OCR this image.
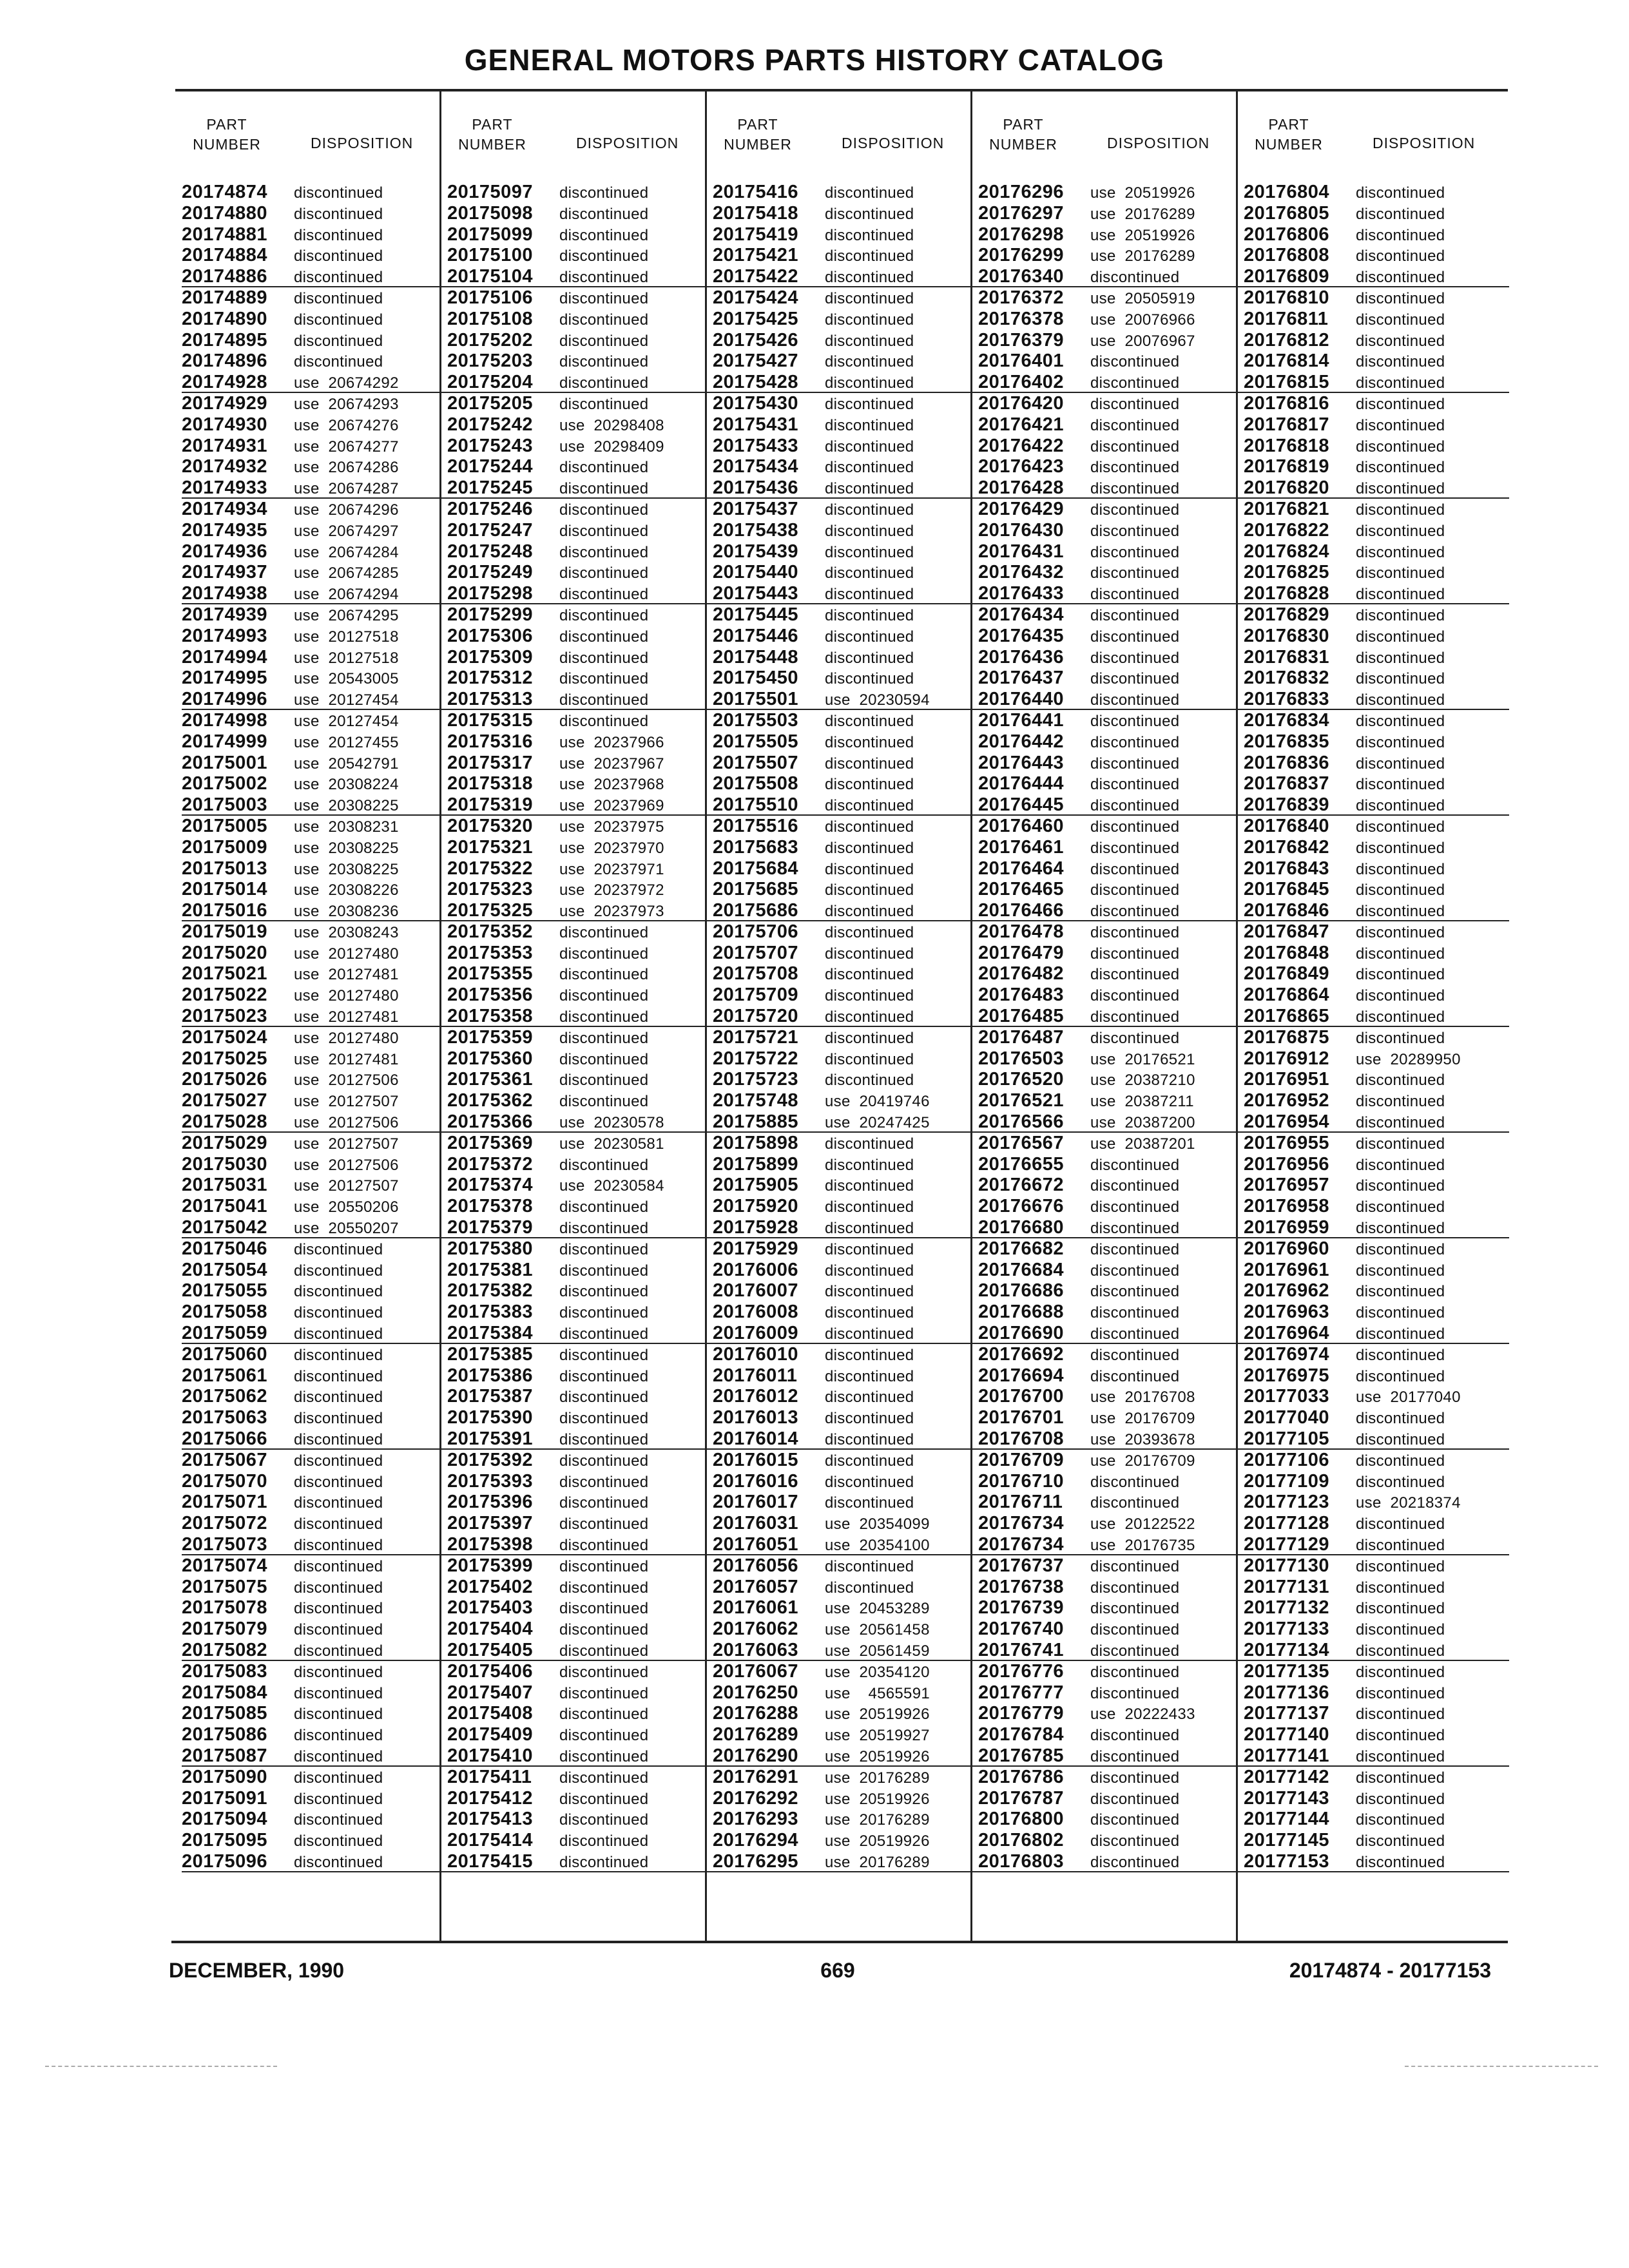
GENERAL MOTORS PARTS HISTORY CATALOG
PART
NUMBER	DISPOSITION
20174874 discontinued
20174880 discontinued
20174881 discontinued
20174884 discontinued
20174886 discontinued
20174889 discontinued
20174890 discontinued
20174895 discontinued
20174896 discontinued
20174928 use  20674292
20174929 use  20674293
20174930 use  20674276
20174931 use  20674277
20174932 use  20674286
20174933 use  20674287
20174934 use  20674296
20174935 use  20674297
20174936 use  20674284
20174937 use  20674285
20174938 use  20674294
20174939 use  20674295
20174993 use  20127518
20174994 use  20127518
20174995 use  20543005
20174996 use  20127454
20174998 use  20127454
20174999 use  20127455
20175001 use  20542791
20175002 use  20308224
20175003 use  20308225
20175005 use  20308231
20175009 use  20308225
20175013 use  20308225
20175014 use  20308226
20175016 use  20308236
20175019 use  20308243
20175020 use  20127480
20175021 use  20127481
20175022 use  20127480
20175023 use  20127481
20175024 use  20127480
20175025 use  20127481
20175026 use  20127506
20175027 use  20127507
20175028 use  20127506
20175029 use  20127507
20175030 use  20127506
20175031 use  20127507
20175041 use  20550206
20175042 use  20550207
20175046 discontinued
20175054 discontinued
20175055 discontinued
20175058 discontinued
20175059 discontinued
20175060 discontinued
20175061 discontinued
20175062 discontinued
20175063 discontinued
20175066 discontinued
20175067 discontinued
20175070 discontinued
20175071 discontinued
20175072 discontinued
20175073 discontinued
20175074 discontinued
20175075 discontinued
20175078 discontinued
20175079 discontinued
20175082 discontinued
20175083 discontinued
20175084 discontinued
20175085 discontinued
20175086 discontinued
20175087 discontinued
20175090 discontinued
20175091 discontinued
20175094 discontinued
20175095 discontinued
20175096 discontinued
PART
NUMBER	DISPOSITION
20175097 discontinued
20175098 discontinued
20175099 discontinued
20175100 discontinued
20175104 discontinued
20175106 discontinued
20175108 discontinued
20175202 discontinued
20175203 discontinued
20175204 discontinued
20175205 discontinued
20175242 use  20298408
20175243 use  20298409
20175244 discontinued
20175245 discontinued
20175246 discontinued
20175247 discontinued
20175248 discontinued
20175249 discontinued
20175298 discontinued
20175299 discontinued
20175306 discontinued
20175309 discontinued
20175312 discontinued
20175313 discontinued
20175315 discontinued
20175316 use  20237966
20175317 use  20237967
20175318 use  20237968
20175319 use  20237969
20175320 use  20237975
20175321 use  20237970
20175322 use  20237971
20175323 use  20237972
20175325 use  20237973
20175352 discontinued
20175353 discontinued
20175355 discontinued
20175356 discontinued
20175358 discontinued
20175359 discontinued
20175360 discontinued
20175361 discontinued
20175362 discontinued
20175366 use  20230578
20175369 use  20230581
20175372 discontinued
20175374 use  20230584
20175378 discontinued
20175379 discontinued
20175380 discontinued
20175381 discontinued
20175382 discontinued
20175383 discontinued
20175384 discontinued
20175385 discontinued
20175386 discontinued
20175387 discontinued
20175390 discontinued
20175391 discontinued
20175392 discontinued
20175393 discontinued
20175396 discontinued
20175397 discontinued
20175398 discontinued
20175399 discontinued
20175402 discontinued
20175403 discontinued
20175404 discontinued
20175405 discontinued
20175406 discontinued
20175407 discontinued
20175408 discontinued
20175409 discontinued
20175410 discontinued
20175411 discontinued
20175412 discontinued
20175413 discontinued
20175414 discontinued
20175415 discontinued
PART
NUMBER	DISPOSITION
20175416 discontinued
20175418 discontinued
20175419 discontinued
20175421 discontinued
20175422 discontinued
20175424 discontinued
20175425 discontinued
20175426 discontinued
20175427 discontinued
20175428 discontinued
20175430 discontinued
20175431 discontinued
20175433 discontinued
20175434 discontinued
20175436 discontinued
20175437 discontinued
20175438 discontinued
20175439 discontinued
20175440 discontinued
20175443 discontinued
20175445 discontinued
20175446 discontinued
20175448 discontinued
20175450 discontinued
20175501 use  20230594
20175503 discontinued
20175505 discontinued
20175507 discontinued
20175508 discontinued
20175510 discontinued
20175516 discontinued
20175683 discontinued
20175684 discontinued
20175685 discontinued
20175686 discontinued
20175706 discontinued
20175707 discontinued
20175708 discontinued
20175709 discontinued
20175720 discontinued
20175721 discontinued
20175722 discontinued
20175723 discontinued
20175748 use  20419746
20175885 use  20247425
20175898 discontinued
20175899 discontinued
20175905 discontinued
20175920 discontinued
20175928 discontinued
20175929 discontinued
20176006 discontinued
20176007 discontinued
20176008 discontinued
20176009 discontinued
20176010 discontinued
20176011 discontinued
20176012 discontinued
20176013 discontinued
20176014 discontinued
20176015 discontinued
20176016 discontinued
20176017 discontinued
20176031 use  20354099
20176051 use  20354100
20176056 discontinued
20176057 discontinued
20176061 use  20453289
20176062 use  20561458
20176063 use  20561459
20176067 use  20354120
20176250 use    4565591
20176288 use  20519926
20176289 use  20519927
20176290 use  20519926
20176291 use  20176289
20176292 use  20519926
20176293 use  20176289
20176294 use  20519926
20176295 use  20176289
PART
NUMBER	DISPOSITION
20176296 use  20519926
20176297 use  20176289
20176298 use  20519926
20176299 use  20176289
20176340 discontinued
20176372 use  20505919
20176378 use  20076966
20176379 use  20076967
20176401 discontinued
20176402 discontinued
20176420 discontinued
20176421 discontinued
20176422 discontinued
20176423 discontinued
20176428 discontinued
20176429 discontinued
20176430 discontinued
20176431 discontinued
20176432 discontinued
20176433 discontinued
20176434 discontinued
20176435 discontinued
20176436 discontinued
20176437 discontinued
20176440 discontinued
20176441 discontinued
20176442 discontinued
20176443 discontinued
20176444 discontinued
20176445 discontinued
20176460 discontinued
20176461 discontinued
20176464 discontinued
20176465 discontinued
20176466 discontinued
20176478 discontinued
20176479 discontinued
20176482 discontinued
20176483 discontinued
20176485 discontinued
20176487 discontinued
20176503 use  20176521
20176520 use  20387210
20176521 use  20387211
20176566 use  20387200
20176567 use  20387201
20176655 discontinued
20176672 discontinued
20176676 discontinued
20176680 discontinued
20176682 discontinued
20176684 discontinued
20176686 discontinued
20176688 discontinued
20176690 discontinued
20176692 discontinued
20176694 discontinued
20176700 use  20176708
20176701 use  20176709
20176708 use  20393678
20176709 use  20176709
20176710 discontinued
20176711 discontinued
20176734 use  20122522
20176734 use  20176735
20176737 discontinued
20176738 discontinued
20176739 discontinued
20176740 discontinued
20176741 discontinued
20176776 discontinued
20176777 discontinued
20176779 use  20222433
20176784 discontinued
20176785 discontinued
20176786 discontinued
20176787 discontinued
20176800 discontinued
20176802 discontinued
20176803 discontinued
PART
NUMBER	DISPOSITION
20176804 discontinued
20176805 discontinued
20176806 discontinued
20176808 discontinued
20176809 discontinued
20176810 discontinued
20176811 discontinued
20176812 discontinued
20176814 discontinued
20176815 discontinued
20176816 discontinued
20176817 discontinued
20176818 discontinued
20176819 discontinued
20176820 discontinued
20176821 discontinued
20176822 discontinued
20176824 discontinued
20176825 discontinued
20176828 discontinued
20176829 discontinued
20176830 discontinued
20176831 discontinued
20176832 discontinued
20176833 discontinued
20176834 discontinued
20176835 discontinued
20176836 discontinued
20176837 discontinued
20176839 discontinued
20176840 discontinued
20176842 discontinued
20176843 discontinued
20176845 discontinued
20176846 discontinued
20176847 discontinued
20176848 discontinued
20176849 discontinued
20176864 discontinued
20176865 discontinued
20176875 discontinued
20176912 use  20289950
20176951 discontinued
20176952 discontinued
20176954 discontinued
20176955 discontinued
20176956 discontinued
20176957 discontinued
20176958 discontinued
20176959 discontinued
20176960 discontinued
20176961 discontinued
20176962 discontinued
20176963 discontinued
20176964 discontinued
20176974 discontinued
20176975 discontinued
20177033 use  20177040
20177040 discontinued
20177105 discontinued
20177106 discontinued
20177109 discontinued
20177123 use  20218374
20177128 discontinued
20177129 discontinued
20177130 discontinued
20177131 discontinued
20177132 discontinued
20177133 discontinued
20177134 discontinued
20177135 discontinued
20177136 discontinued
20177137 discontinued
20177140 discontinued
20177141 discontinued
20177142 discontinued
20177143 discontinued
20177144 discontinued
20177145 discontinued
20177153 discontinued
DECEMBER, 1990	669	20174874 - 20177153
